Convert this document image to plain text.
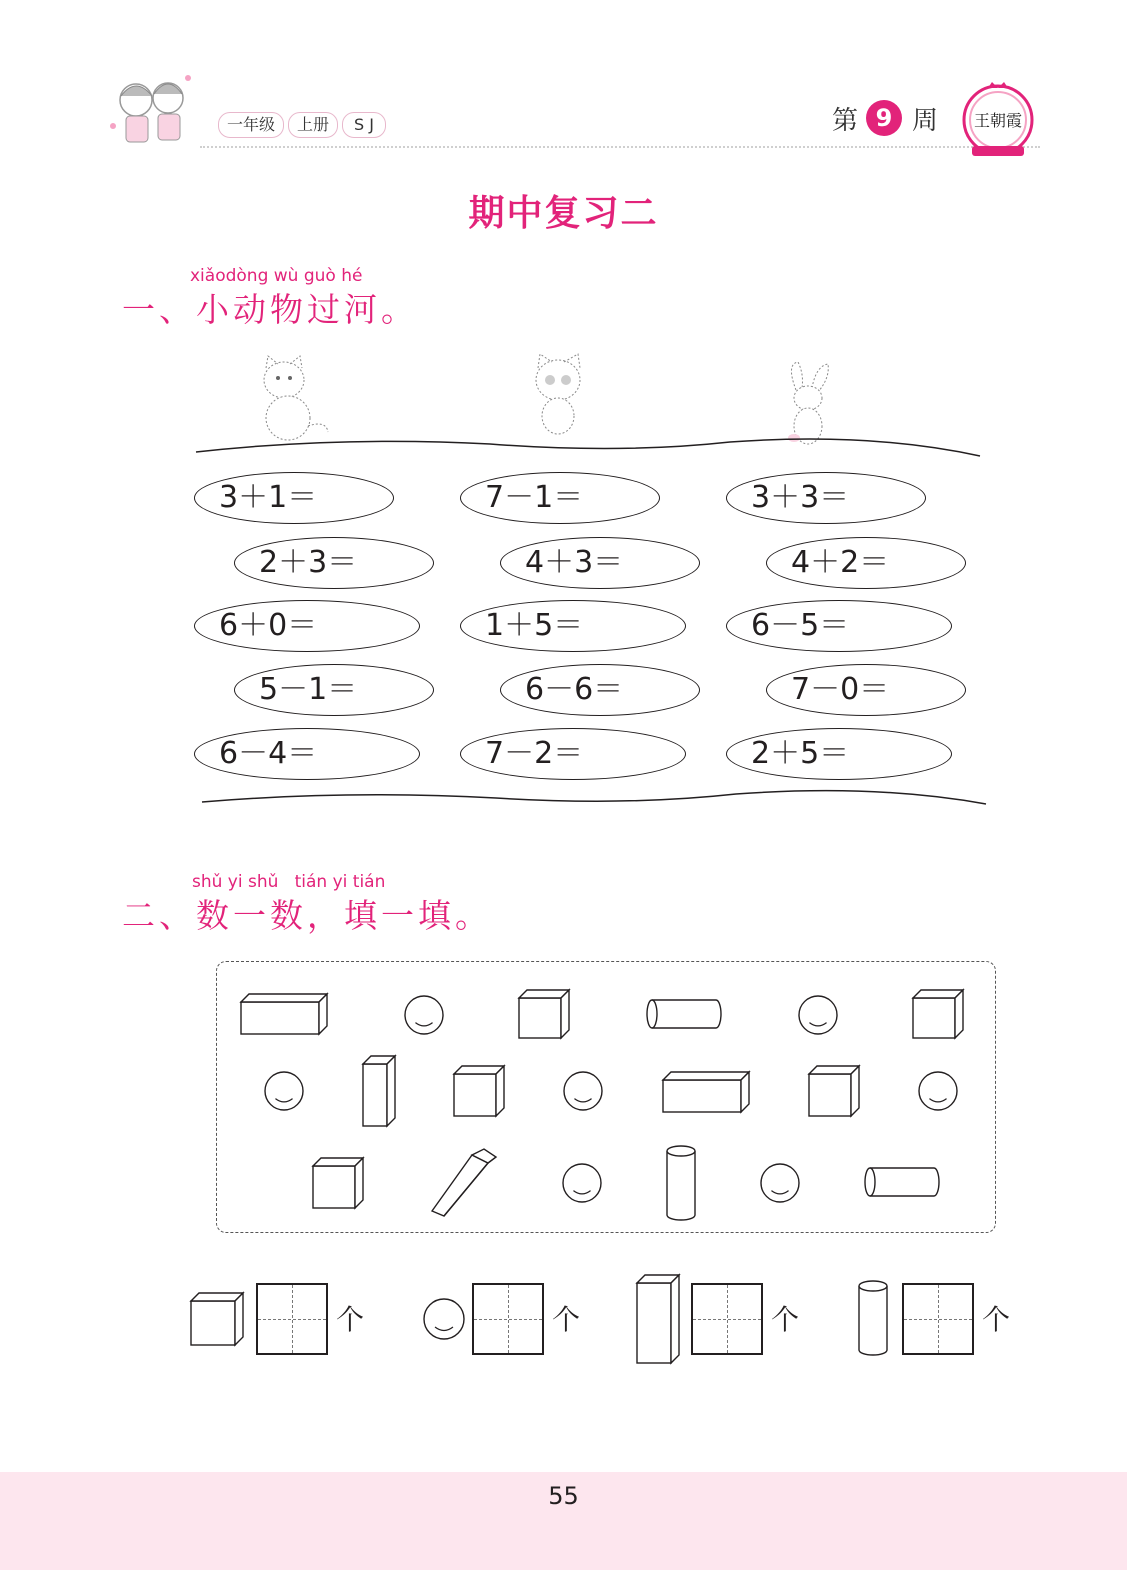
一年级	上册	S J	第 9 周	王朝霞
期中复习二
xiǎodòng wù guò hé
一、小动物过河。
3＋1＝	7－1＝	3＋3＝
2＋3＝	4＋3＝	4＋2＝
6＋0＝	1＋5＝	6－5＝
5－1＝	6－6＝	7－0＝
6－4＝	7－2＝	2＋5＝
shǔ yi shǔ   tián yi tián
二、数一数，填一填。
个	个	个	个
55
